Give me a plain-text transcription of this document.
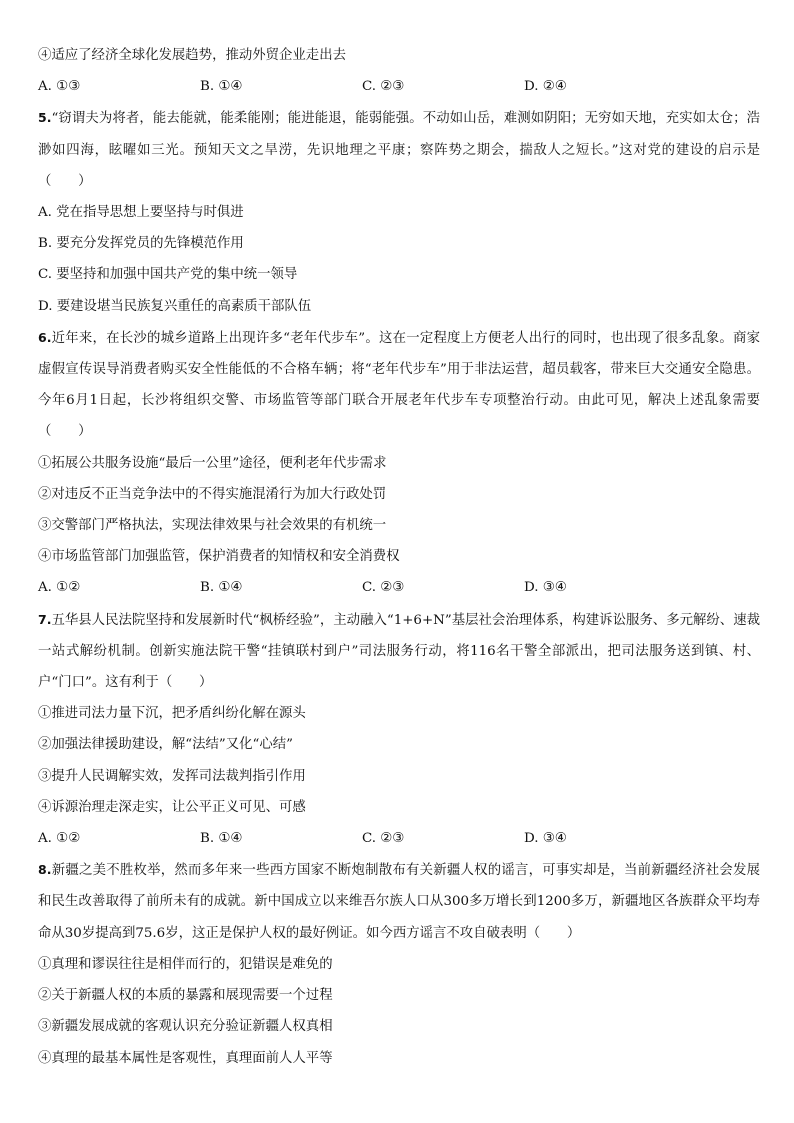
④适应了经济全球化发展趋势，推动外贸企业走出去
A. ①③	B. ①④	C. ②③	D. ②④
5.“窃谓夫为将者，能去能就，能柔能刚；能进能退，能弱能强。不动如山岳，难测如阴阳；无穷如天地，充实如太仓；浩渺如四海，眩曜如三光。预知天文之旱涝，先识地理之平康；察阵势之期会，揣敌人之短长。”这对党的建设的启示是（　　）
A. 党在指导思想上要坚持与时俱进
B. 要充分发挥党员的先锋模范作用
C. 要坚持和加强中国共产党的集中统一领导
D. 要建设堪当民族复兴重任的高素质干部队伍
6.近年来，在长沙的城乡道路上出现许多“老年代步车”。这在一定程度上方便老人出行的同时，也出现了很多乱象。商家虚假宣传误导消费者购买安全性能低的不合格车辆；将“老年代步车”用于非法运营，超员载客，带来巨大交通安全隐患。今年6月1日起，长沙将组织交警、市场监管等部门联合开展老年代步车专项整治行动。由此可见，解决上述乱象需要（　　）
①拓展公共服务设施“最后一公里”途径，便利老年代步需求
②对违反不正当竞争法中的不得实施混淆行为加大行政处罚
③交警部门严格执法，实现法律效果与社会效果的有机统一
④市场监管部门加强监管，保护消费者的知情权和安全消费权
A. ①②	B. ①④	C. ②③	D. ③④
7.五华县人民法院坚持和发展新时代“枫桥经验”，主动融入“1+6+N”基层社会治理体系，构建诉讼服务、多元解纷、速裁一站式解纷机制。创新实施法院干警“挂镇联村到户”司法服务行动，将116名干警全部派出，把司法服务送到镇、村、户“门口”。这有利于（　　）
①推进司法力量下沉，把矛盾纠纷化解在源头
②加强法律援助建设，解“法结”又化“心结”
③提升人民调解实效，发挥司法裁判指引作用
④诉源治理走深走实，让公平正义可见、可感
A. ①②	B. ①④	C. ②③	D. ③④
8.新疆之美不胜枚举，然而多年来一些西方国家不断炮制散布有关新疆人权的谣言，可事实却是，当前新疆经济社会发展和民生改善取得了前所未有的成就。新中国成立以来维吾尔族人口从300多万增长到1200多万，新疆地区各族群众平均寿命从30岁提高到75.6岁，这正是保护人权的最好例证。如今西方谣言不攻自破表明（　　）
①真理和谬误往往是相伴而行的，犯错误是难免的
②关于新疆人权的本质的暴露和展现需要一个过程
③新疆发展成就的客观认识充分验证新疆人权真相
④真理的最基本属性是客观性，真理面前人人平等
